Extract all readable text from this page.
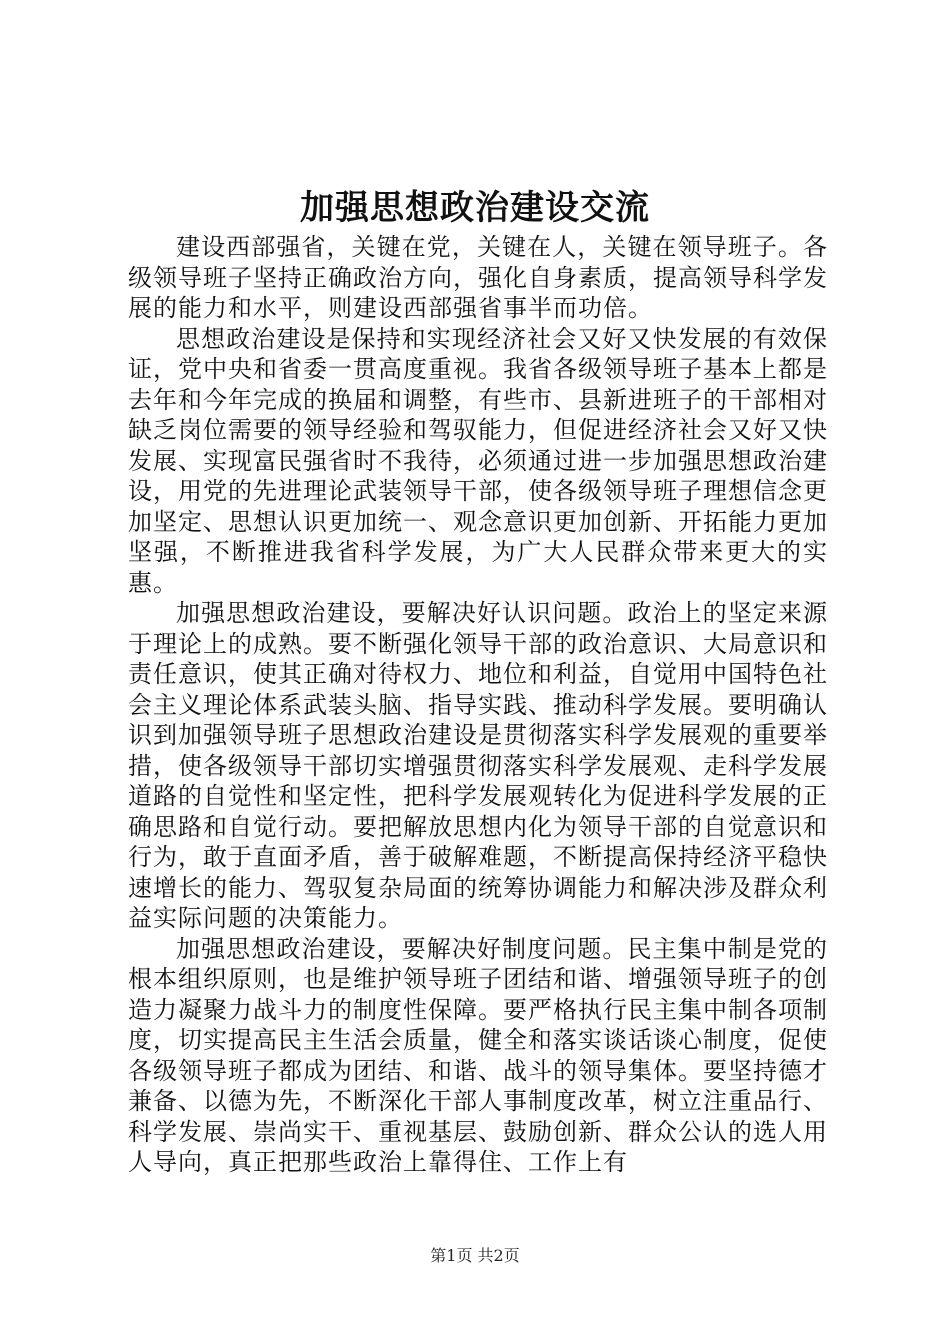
加强思想政治建设交流

建设西部强省，关键在党，关键在人，关键在领导班子。各级领导班子坚持正确政治方向，强化自身素质，提高领导科学发展的能力和水平，则建设西部强省事半而功倍。

思想政治建设是保持和实现经济社会又好又快发展的有效保证，党中央和省委一贯高度重视。我省各级领导班子基本上都是去年和今年完成的换届和调整，有些市、县新进班子的干部相对缺乏岗位需要的领导经验和驾驭能力，但促进经济社会又好又快发展、实现富民强省时不我待，必须通过进一步加强思想政治建设，用党的先进理论武装领导干部，使各级领导班子理想信念更加坚定、思想认识更加统一、观念意识更加创新、开拓能力更加坚强，不断推进我省科学发展，为广大人民群众带来更大的实惠。

加强思想政治建设，要解决好认识问题。政治上的坚定来源于理论上的成熟。要不断强化领导干部的政治意识、大局意识和责任意识，使其正确对待权力、地位和利益，自觉用中国特色社会主义理论体系武装头脑、指导实践、推动科学发展。要明确认识到加强领导班子思想政治建设是贯彻落实科学发展观的重要举措，使各级领导干部切实增强贯彻落实科学发展观、走科学发展道路的自觉性和坚定性，把科学发展观转化为促进科学发展的正确思路和自觉行动。要把解放思想内化为领导干部的自觉意识和行为，敢于直面矛盾，善于破解难题，不断提高保持经济平稳快速增长的能力、驾驭复杂局面的统筹协调能力和解决涉及群众利益实际问题的决策能力。

加强思想政治建设，要解决好制度问题。民主集中制是党的根本组织原则，也是维护领导班子团结和谐、增强领导班子的创造力凝聚力战斗力的制度性保障。要严格执行民主集中制各项制度，切实提高民主生活会质量，健全和落实谈话谈心制度，促使各级领导班子都成为团结、和谐、战斗的领导集体。要坚持德才兼备、以德为先，不断深化干部人事制度改革，树立注重品行、科学发展、崇尚实干、重视基层、鼓励创新、群众公认的选人用人导向，真正把那些政治上靠得住、工作上有

第1页 共2页
